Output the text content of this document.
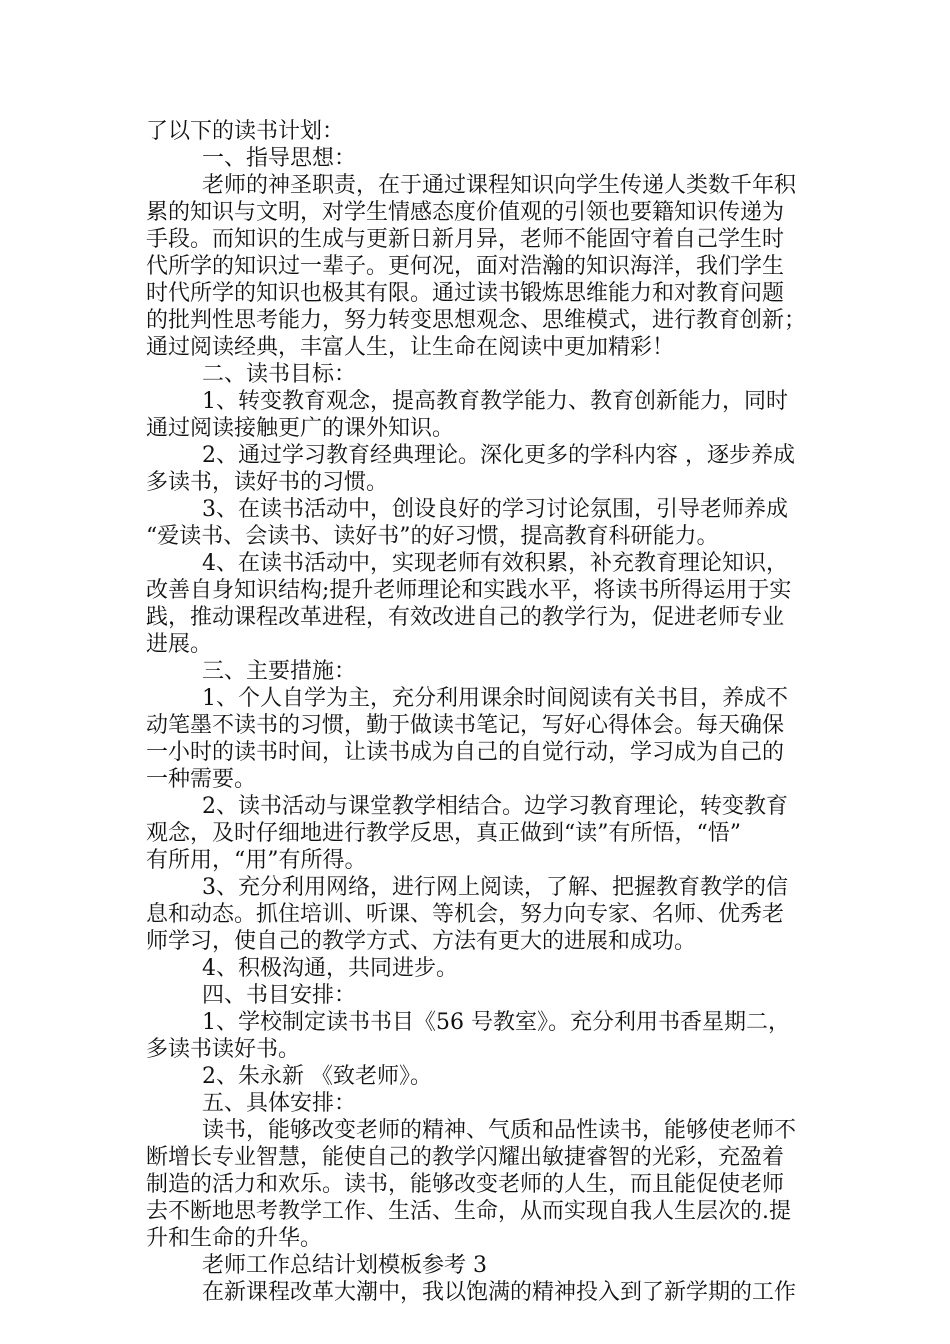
了以下的读书计划：
一、指导思想：
老师的神圣职责，在于通过课程知识向学生传递人类数千年积
累的知识与文明，对学生情感态度价值观的引领也要籍知识传递为
手段。而知识的生成与更新日新月异，老师不能固守着自己学生时
代所学的知识过一辈子。更何况，面对浩瀚的知识海洋，我们学生
时代所学的知识也极其有限。通过读书锻炼思维能力和对教育问题
的批判性思考能力，努力转变思想观念、思维模式，进行教育创新；
通过阅读经典，丰富人生，让生命在阅读中更加精彩！
二、读书目标：
1、转变教育观念，提高教育教学能力、教育创新能力，同时
通过阅读接触更广的课外知识。
2、通过学习教育经典理论。深化更多的学科内容 ，逐步养成
多读书，读好书的习惯。
3、在读书活动中，创设良好的学习讨论氛围，引导老师养成
“爱读书、会读书、读好书”的好习惯，提高教育科研能力。
4、在读书活动中，实现老师有效积累，补充教育理论知识，
改善自身知识结构;提升老师理论和实践水平，将读书所得运用于实
践，推动课程改革进程，有效改进自己的教学行为，促进老师专业
进展。
三、主要措施：
1、个人自学为主，充分利用课余时间阅读有关书目，养成不
动笔墨不读书的习惯，勤于做读书笔记，写好心得体会。每天确保
一小时的读书时间，让读书成为自己的自觉行动，学习成为自己的
一种需要。
2、读书活动与课堂教学相结合。边学习教育理论，转变教育
观念，及时仔细地进行教学反思，真正做到“读”有所悟，“悟”
有所用，“用”有所得。
3、充分利用网络，进行网上阅读，了解、把握教育教学的信
息和动态。抓住培训、听课、等机会，努力向专家、名师、优秀老
师学习，使自己的教学方式、方法有更大的进展和成功。
4、积极沟通，共同进步。
四、书目安排：
1、学校制定读书书目《56 号教室》。充分利用书香星期二，
多读书读好书。
2、朱永新 《致老师》。
五、具体安排：
读书，能够改变老师的精神、气质和品性读书，能够使老师不
断增长专业智慧，能使自己的教学闪耀出敏捷睿智的光彩，充盈着
制造的活力和欢乐。读书，能够改变老师的人生，而且能促使老师
去不断地思考教学工作、生活、生命，从而实现自我人生层次的.提
升和生命的升华。
老师工作总结计划模板参考 3
在新课程改革大潮中，我以饱满的精神投入到了新学期的工作
